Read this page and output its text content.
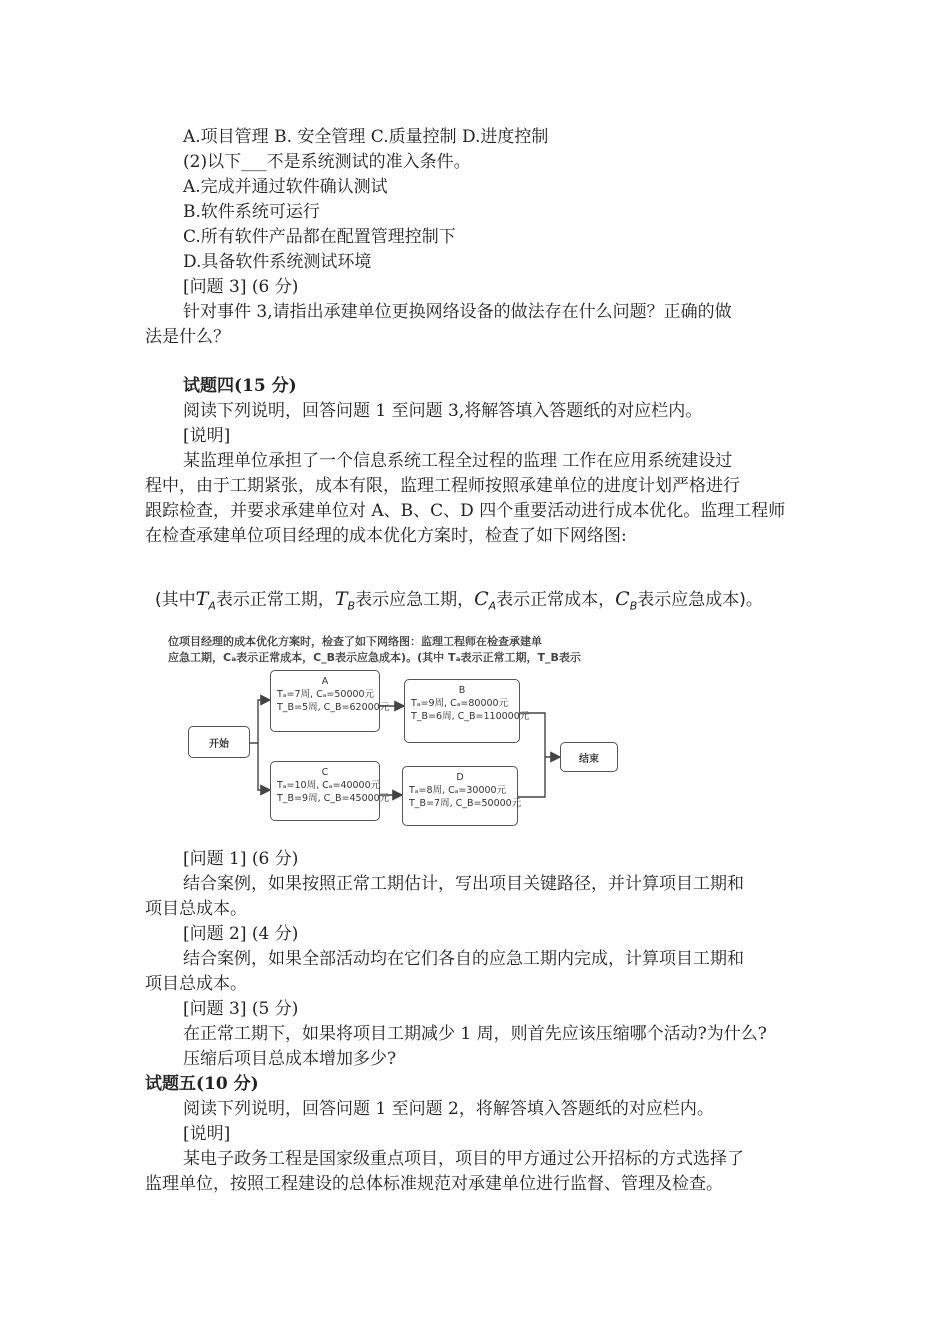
A.项目管理 B. 安全管理 C.质量控制 D.进度控制
(2)以下___不是系统测试的准入条件。
A.完成并通过软件确认测试
B.软件系统可运行
C.所有软件产品都在配置管理控制下
D.具备软件系统测试环境
[问题 3] (6 分)
针对事件 3,请指出承建单位更换网络设备的做法存在什么问题？正确的做
法是什么？
试题四(15 分)
阅读下列说明，回答问题 1 至问题 3,将解答填入答题纸的对应栏内。
[说明]
某监理单位承担了一个信息系统工程全过程的监理 工作在应用系统建设过
程中，由于工期紧张，成本有限，监理工程师按照承建单位的进度计划严格进行
跟踪检查，并要求承建单位对 A、B、C、D 四个重要活动进行成本优化。监理工程师
在检查承建单位项目经理的成本优化方案时，检查了如下网络图:
(其中$T_A$表示正常工期，$T_B$表示应急工期，$C_A$表示正常成本，$C_B$表示应急成本)。
位项目经理的成本优化方案时，检查了如下网络图：监理工程师在检查承建单
应急工期，Cₐ表示正常成本，C_B表示应急成本)。(其中 Tₐ表示正常工期，T_B表示
开始
A
Tₐ=7周, Cₐ=50000元
T_B=5周, C_B=62000元
B
Tₐ=9周, Cₐ=80000元
T_B=6周, C_B=110000元
C
Tₐ=10周, Cₐ=40000元
T_B=9周, C_B=45000元
D
Tₐ=8周, Cₐ=30000元
T_B=7周, C_B=50000元
结束
[问题 1] (6 分)
结合案例，如果按照正常工期估计，写出项目关键路径，并计算项目工期和
项目总成本。
[问题 2] (4 分)
结合案例，如果全部活动均在它们各自的应急工期内完成，计算项目工期和
项目总成本。
[问题 3] (5 分)
在正常工期下，如果将项目工期减少 1 周，则首先应该压缩哪个活动?为什么?
压缩后项目总成本增加多少?
试题五(10 分)
阅读下列说明，回答问题 1 至问题 2，将解答填入答题纸的对应栏内。
[说明]
某电子政务工程是国家级重点项目，项目的甲方通过公开招标的方式选择了
监理单位，按照工程建设的总体标准规范对承建单位进行监督、管理及检查。
